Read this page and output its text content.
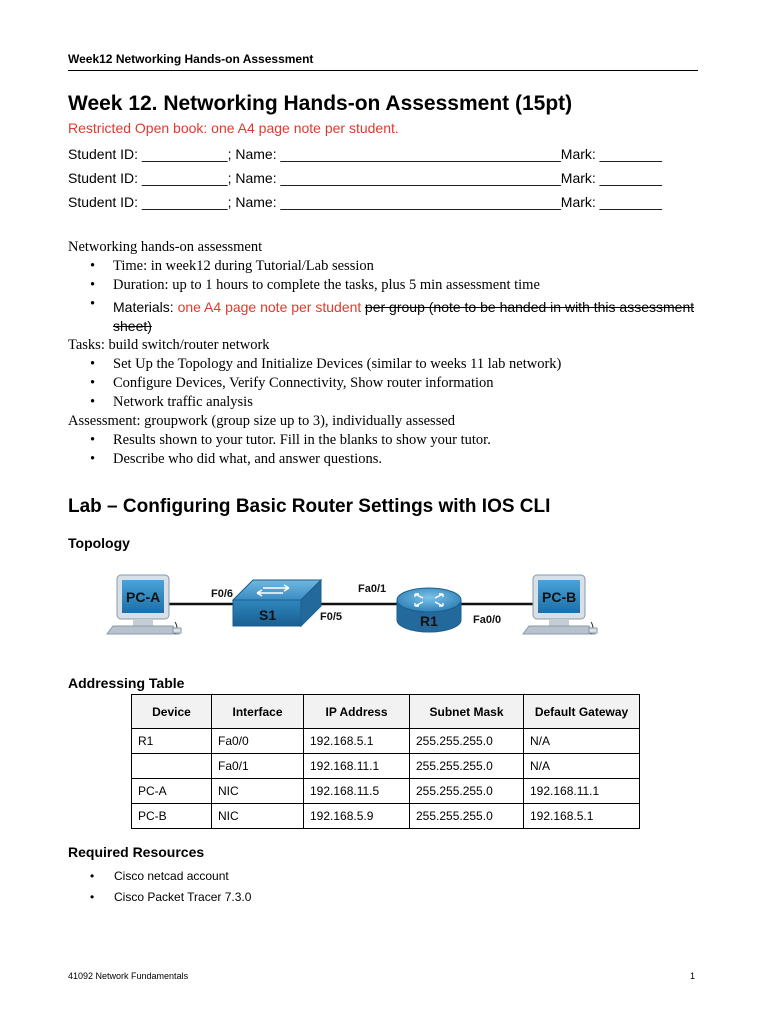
Week12 Networking Hands-on Assessment
Week 12. Networking Hands-on Assessment (15pt)
Restricted Open book: one A4 page note per student.
Student ID: ___________; Name: ____________________________________Mark: ________
Student ID: ___________; Name: ____________________________________Mark: ________
Student ID: ___________; Name: ____________________________________Mark: ________

Networking hands-on assessment

• Time: in week12 during Tutorial/Lab session
• Duration: up to 1 hours to complete the tasks, plus 5 min assessment time
• Materials: one A4 page note per student per group (note to be handed in with this assessment sheet)

Tasks: build switch/router network

• Set Up the Topology and Initialize Devices (similar to weeks 11 lab network)
• Configure Devices, Verify Connectivity, Show router information
• Network traffic analysis

Assessment: groupwork (group size up to 3), individually assessed

• Results shown to your tutor. Fill in the blanks to show your tutor.
• Describe who did what, and answer questions.
Lab – Configuring Basic Router Settings with IOS CLI
Topology
PC-A
S1	R1
PC-B
F0/6
F0/5
Fa0/1
Fa0/0
Addressing Table
Device	Interface	IP Address	Subnet Mask	Default Gateway
R1	Fa0/0	192.168.5.1	255.255.255.0	N/A
	Fa0/1	192.168.11.1	255.255.255.0	N/A
PC-A	NIC	192.168.11.5	255.255.255.0	192.168.11.1
PC-B	NIC	192.168.5.9	255.255.255.0	192.168.5.1
Required Resources
• Cisco netcad account
• Cisco Packet Tracer 7.3.0
41092 Network Fundamentals	1
